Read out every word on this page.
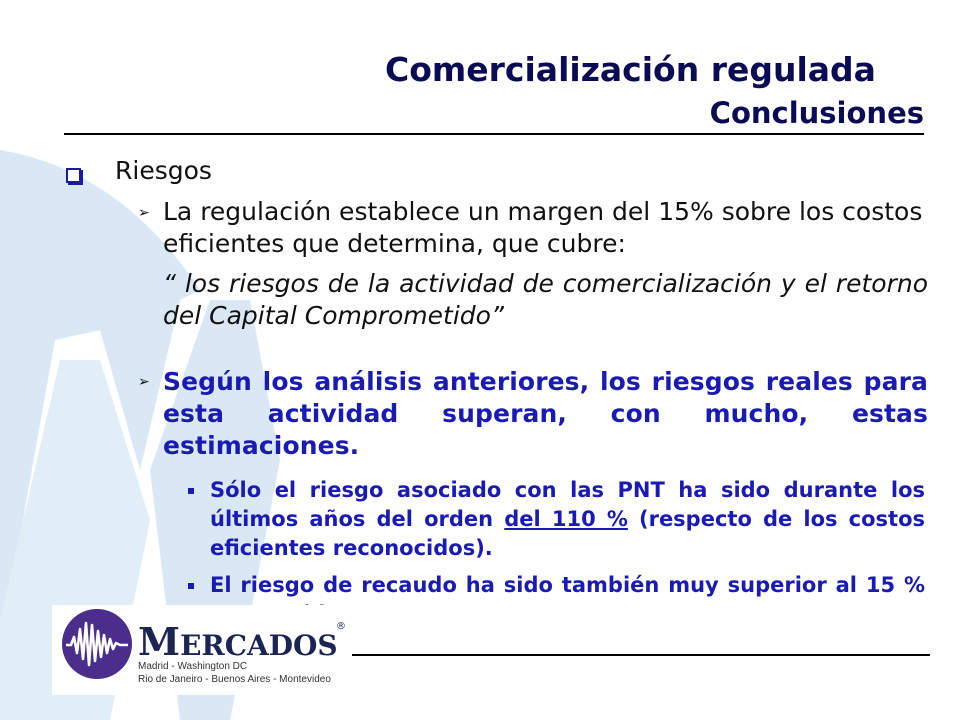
Comercialización regulada
Conclusiones
Riesgos
➢ La regulación establece un margen del 15% sobre los costos eficientes que determina, que cubre:
“ los riesgos de la actividad de comercialización y el retorno del Capital Comprometido”
➢ Según los análisis anteriores, los riesgos reales para esta actividad superan, con mucho, estas estimaciones.
Sólo el riesgo asociado con las PNT ha sido durante los últimos años del orden del 110 % (respecto de los costos eficientes reconocidos).
El riesgo de recaudo ha sido también muy superior al 15 %
MERCADOS
®
Madrid - Washington DC
Rio de Janeiro - Buenos Aires - Montevideo
